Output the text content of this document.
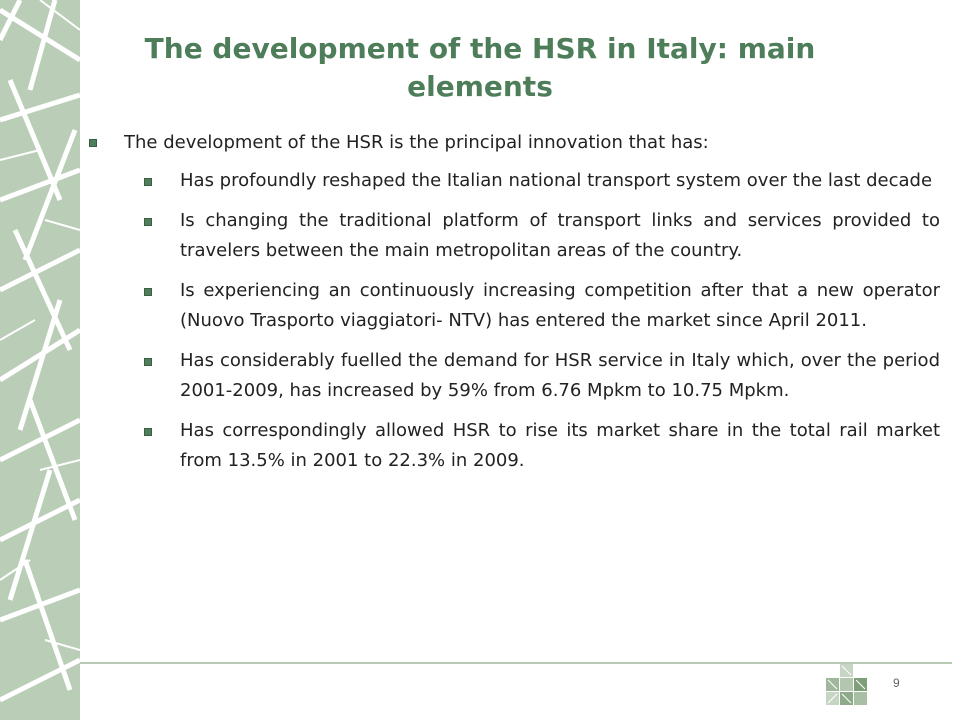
The development of the HSR in Italy: main elements

The development of the HSR is the principal innovation that has:

Has profoundly reshaped the Italian national transport system over the last decade

Is changing the traditional platform of transport links and services provided to travelers between the main metropolitan areas of the country.

Is experiencing an continuously increasing competition after that a new operator (Nuovo Trasporto viaggiatori- NTV) has entered the market since April 2011.

Has considerably fuelled the demand for HSR service in Italy which, over the period 2001-2009, has increased by 59% from 6.76 Mpkm to 10.75 Mpkm.

Has correspondingly allowed HSR to rise its market share in the total rail market from 13.5% in 2001 to 22.3% in 2009.

9
